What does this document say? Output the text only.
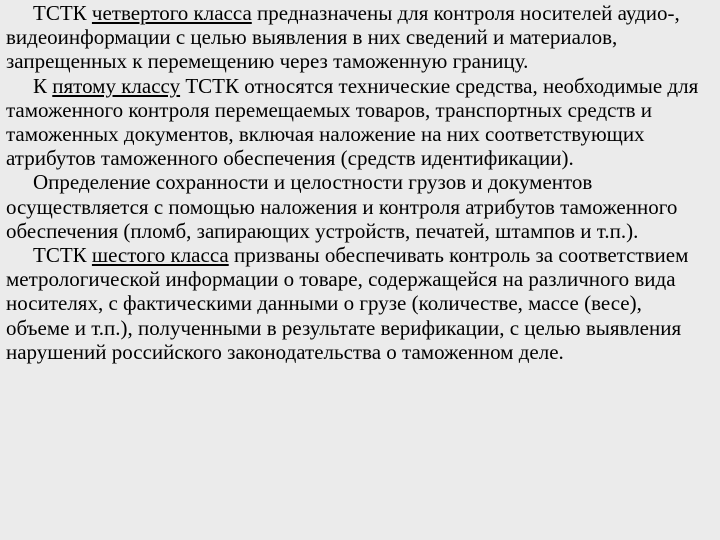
ТСТК четвертого класса предназначены для контроля носителей аудио-, видеоинформации с целью выявления в них сведений и материалов, запрещенных к перемещению через таможенную границу.

К пятому классу ТСТК относятся технические средства, необходимые для таможенного контроля перемещаемых товаров, транспортных средств и таможенных документов, включая наложение на них соответствующих атрибутов таможенного обеспечения (средств идентификации).

Определение сохранности и целостности грузов и документов осуществляется с помощью наложения и контроля атрибутов таможенного обеспечения (пломб, запирающих устройств, печатей, штампов и т.п.).

ТСТК шестого класса призваны обеспечивать контроль за соответствием метрологической информации о товаре, содержащейся на различного вида носителях, с фактическими данными о грузе (количестве, массе (весе), объеме и т.п.), полученными в результате верификации, с целью выявления нарушений российского законодательства о таможенном деле.
